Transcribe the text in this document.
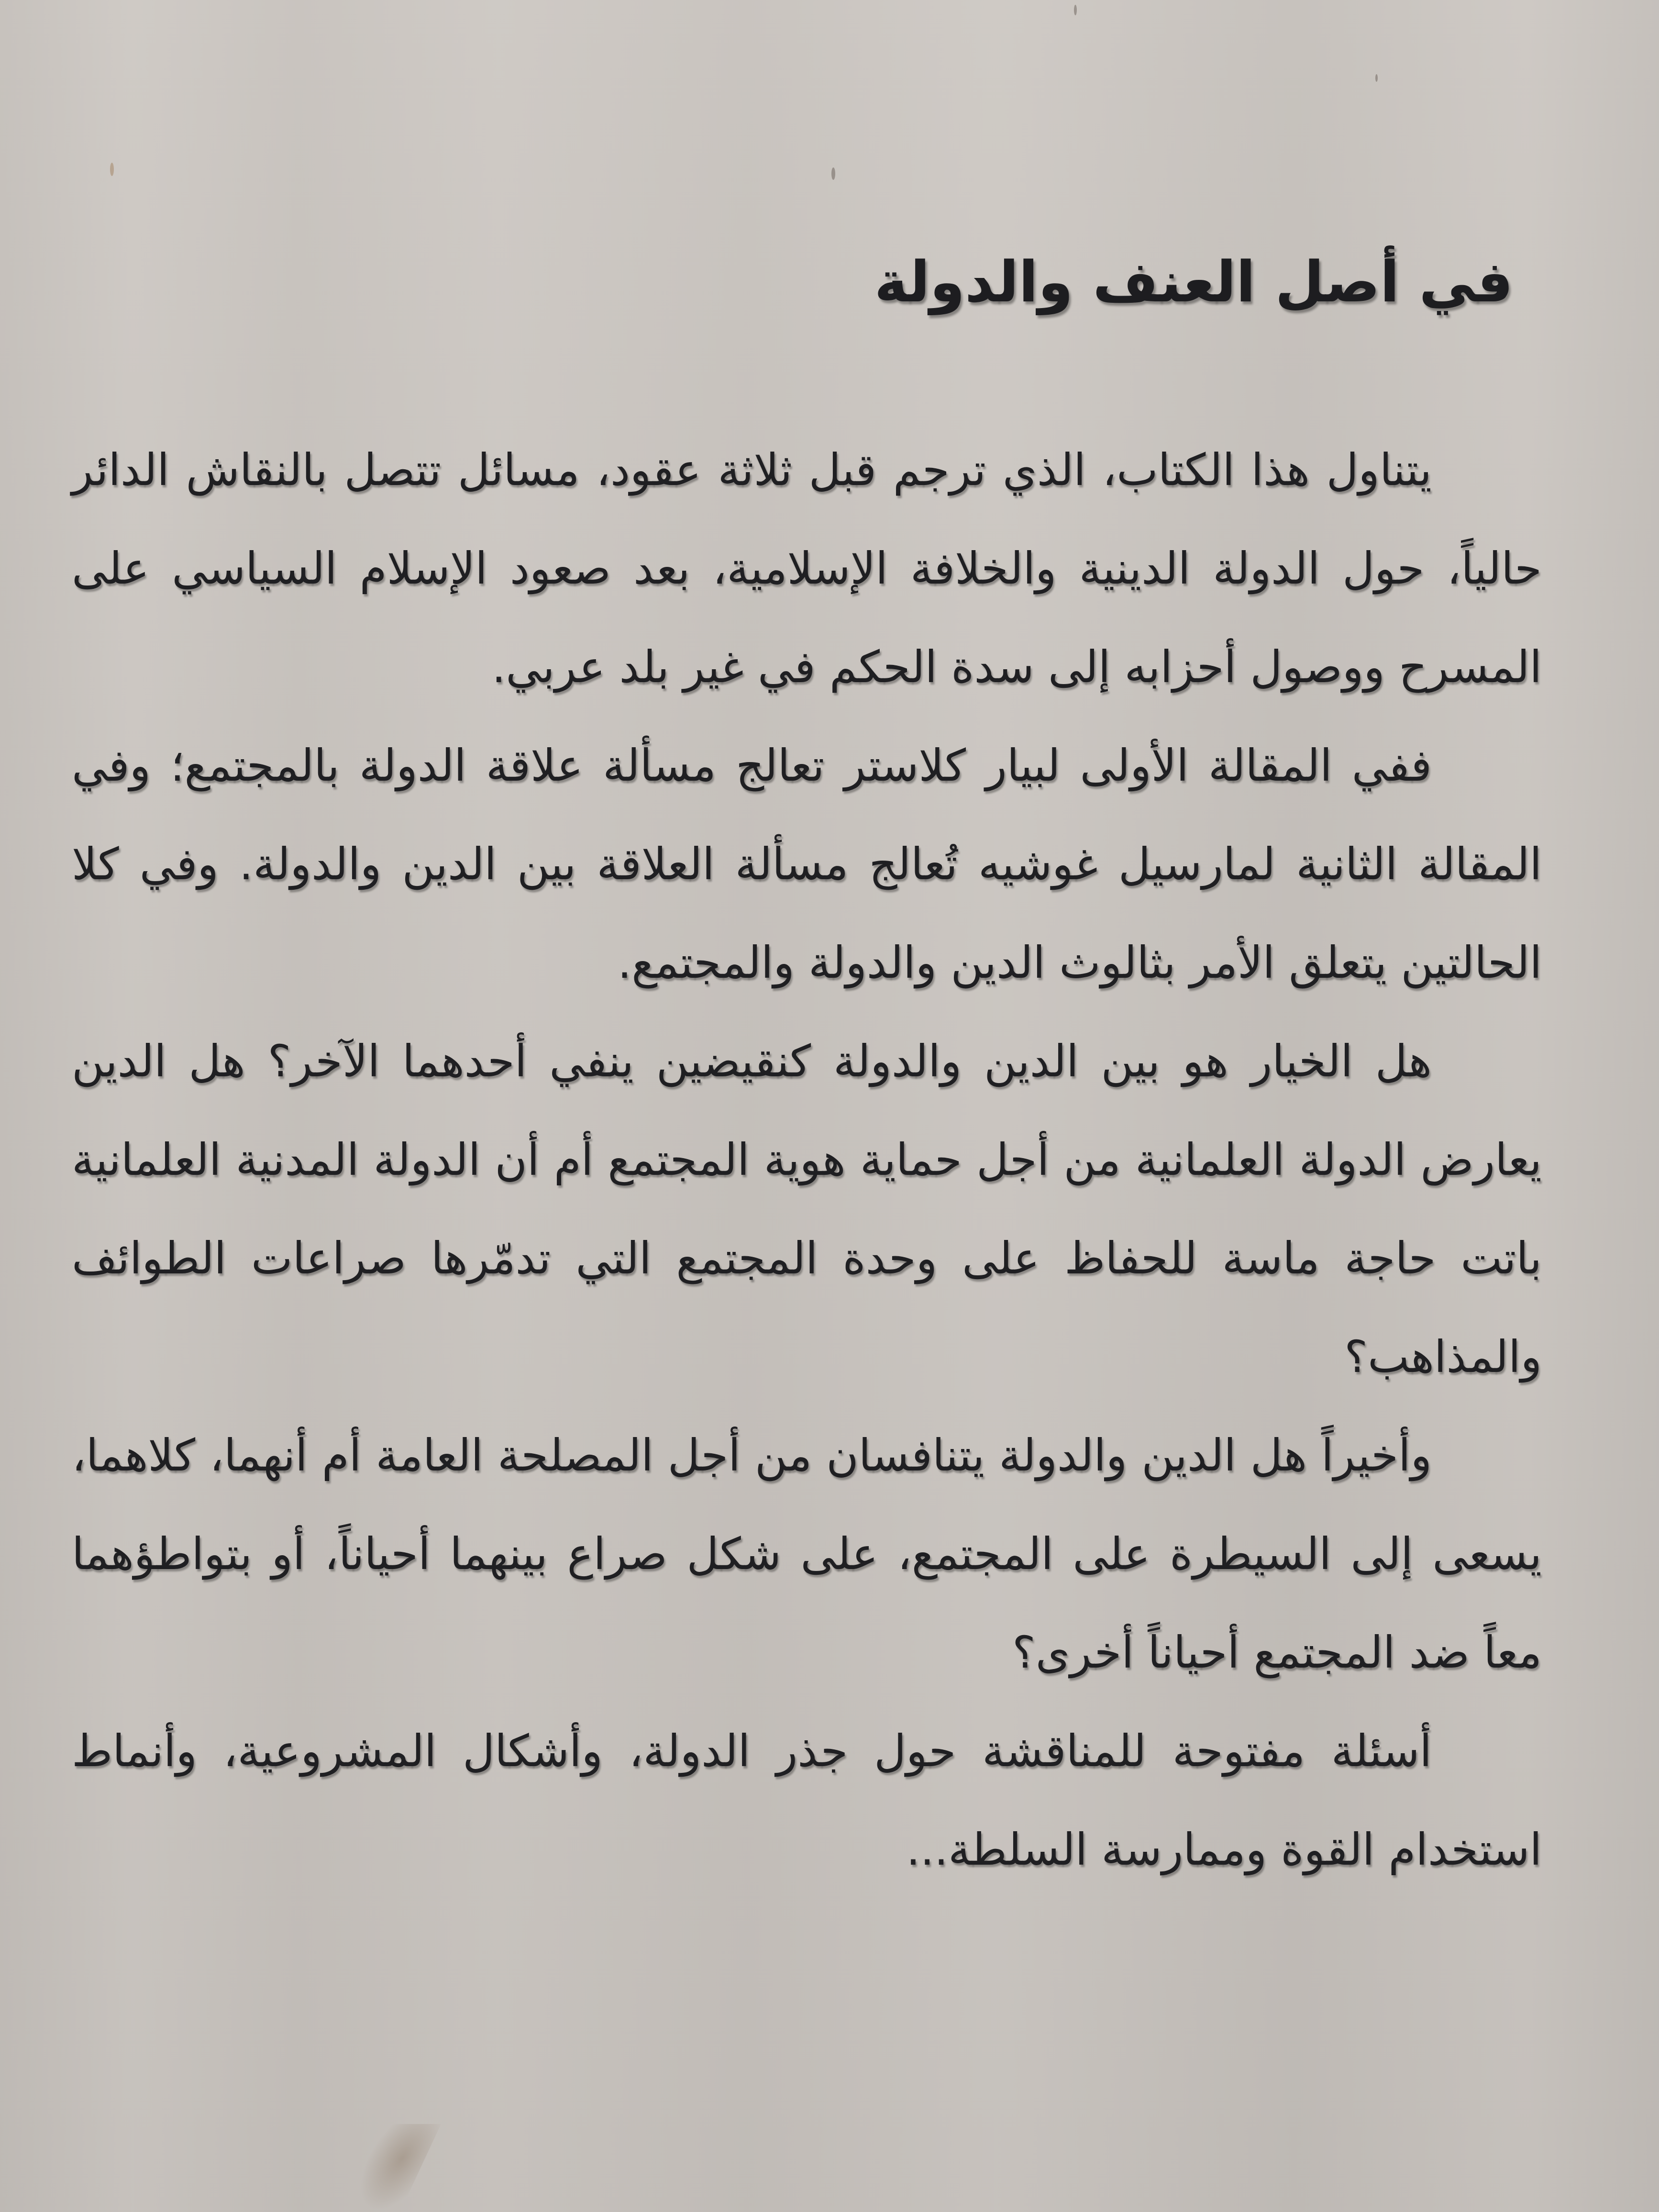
في أصل العنف والدولة

يتناول هذا الكتاب، الذي ترجم قبل ثلاثة عقود، مسائل تتصل بالنقاش الدائر حالياً، حول الدولة الدينية والخلافة الإسلامية، بعد صعود الإسلام السياسي على المسرح ووصول أحزابه إلى سدة الحكم في غير بلد عربي.

ففي المقالة الأولى لبيار كلاستر تعالج مسألة علاقة الدولة بالمجتمع؛ وفي المقالة الثانية لمارسيل غوشيه تُعالج مسألة العلاقة بين الدين والدولة. وفي كلا الحالتين يتعلق الأمر بثالوث الدين والدولة والمجتمع.

هل الخيار هو بين الدين والدولة كنقيضين ينفي أحدهما الآخر؟ هل الدين يعارض الدولة العلمانية من أجل حماية هوية المجتمع أم أن الدولة المدنية العلمانية باتت حاجة ماسة للحفاظ على وحدة المجتمع التي تدمّرها صراعات الطوائف والمذاهب؟

وأخيراً هل الدين والدولة يتنافسان من أجل المصلحة العامة أم أنهما، كلاهما، يسعى إلى السيطرة على المجتمع، على شكل صراع بينهما أحياناً، أو بتواطؤهما معاً ضد المجتمع أحياناً أخرى؟

أسئلة مفتوحة للمناقشة حول جذر الدولة، وأشكال المشروعية، وأنماط استخدام القوة وممارسة السلطة...
